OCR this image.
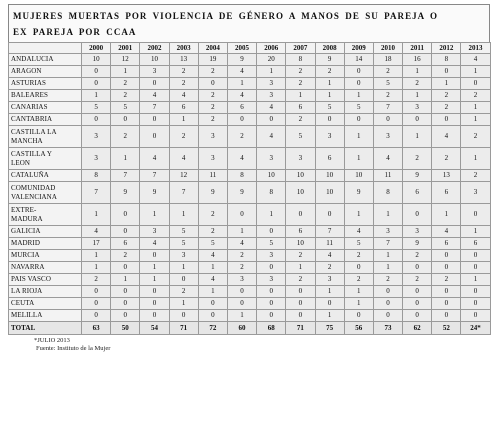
MUJERES MUERTAS POR VIOLENCIA DE GÉNERO A MANOS DE SU PAREJA O
EX PAREJA POR CCAA
	2000	2001	2002	2003	2004	2005	2006	2007	2008	2009	2010	2011	2012	2013

ANDALUCIA	10	12	10	13	19	9	20	8	9	14	18	16	8	4

ARAGON	0	1	3	2	2	4	1	2	2	0	2	1	0	1

ASTURIAS	0	2	0	2	0	1	3	2	1	0	5	2	1	0

BALEARES	1	2	4	4	2	4	3	1	1	1	2	1	2	2

CANARIAS	5	5	7	6	2	6	4	6	5	5	7	3	2	1

CANTABRIA	0	0	0	1	2	0	0	2	0	0	0	0	0	1

CASTILLA LA
MANCHA	3	2	0	2	3	2	4	5	3	1	3	1	4	2

CASTILLA Y
LEON	3	1	4	4	3	4	3	3	6	1	4	2	2	1

CATALUÑA	8	7	7	12	11	8	10	10	10	10	11	9	13	2

COMUNIDAD
VALENCIANA	7	9	9	7	9	9	8	10	10	9	8	6	6	3

EXTRE-
MADURA	1	0	1	1	2	0	1	0	0	1	1	0	1	0

GALICIA	4	0	3	5	2	1	0	6	7	4	3	3	4	1

MADRID	17	6	4	5	5	4	5	10	11	5	7	9	6	6

MURCIA	1	2	0	3	4	2	3	2	4	2	1	2	0	0

NAVARRA	1	0	1	1	1	2	0	1	2	0	1	0	0	0

PAIS VASCO	2	1	1	0	4	3	3	2	3	2	2	2	2	1

LA RIOJA	0	0	0	2	1	0	0	0	1	1	0	0	0	0

CEUTA	0	0	0	1	0	0	0	0	0	1	0	0	0	0

MELILLA	0	0	0	0	0	1	0	0	1	0	0	0	0	0
TOTAL	63	50	54	71	72	60	68	71	75	56	73	62	52	24*
*JULIO 2013
Fuente: Instituto de la Mujer
